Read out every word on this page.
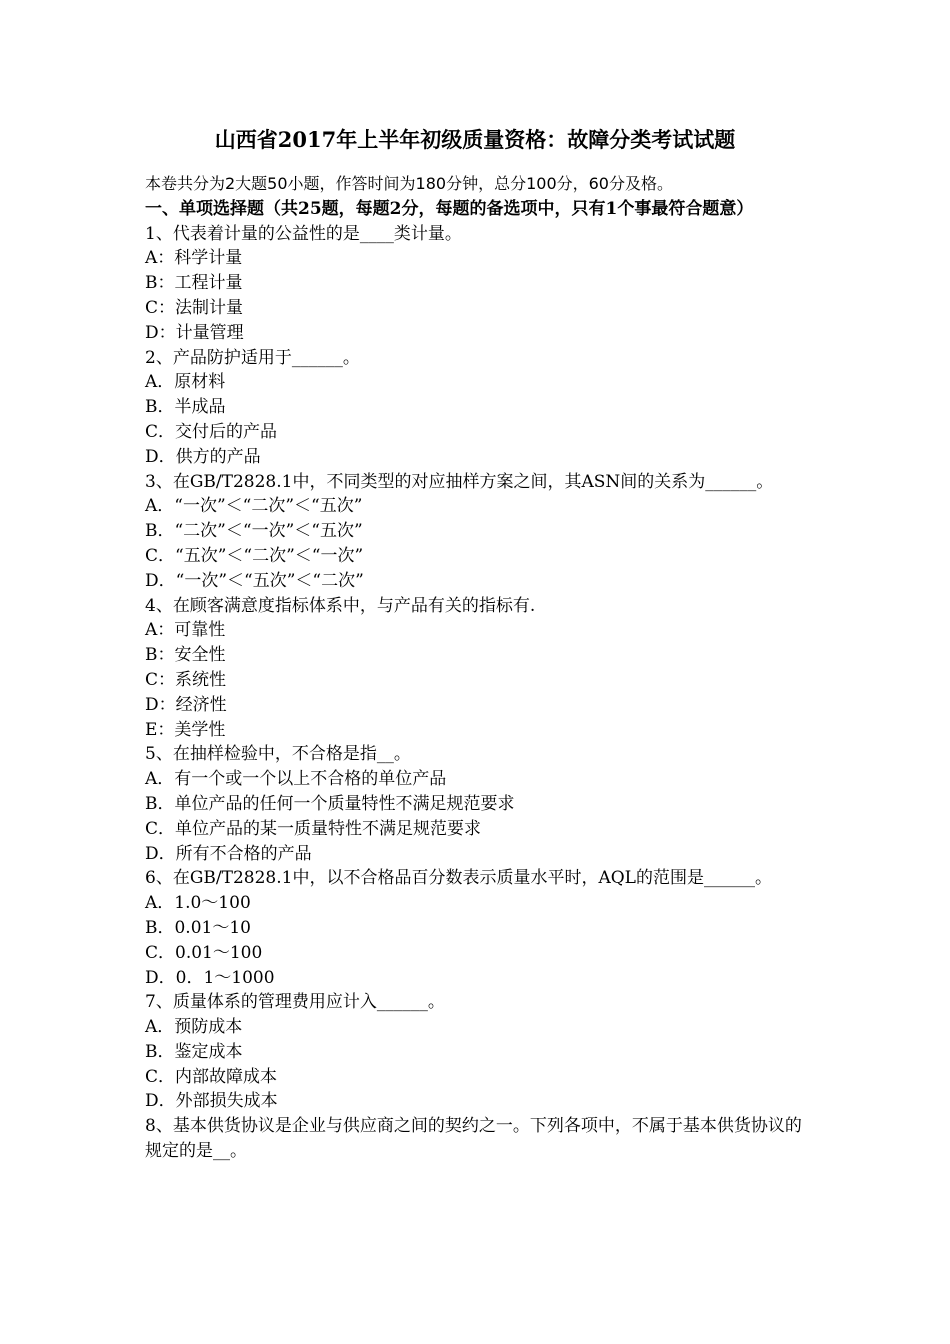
山西省2017年上半年初级质量资格：故障分类考试试题

本卷共分为2大题50小题，作答时间为180分钟，总分100分，60分及格。

一、单项选择题（共25题，每题2分，每题的备选项中，只有1个事最符合题意）

1、代表着计量的公益性的是____类计量。

A：科学计量

B：工程计量

C：法制计量

D：计量管理

2、产品防护适用于______。

A．原材料

B．半成品

C．交付后的产品

D．供方的产品

3、在GB/T2828.1中，不同类型的对应抽样方案之间，其ASN间的关系为______。

A．“一次”＜“二次”＜“五次”

B．“二次”＜“一次”＜“五次”

C．“五次”＜“二次”＜“一次”

D．“一次”＜“五次”＜“二次”

4、在顾客满意度指标体系中，与产品有关的指标有.

A：可靠性

B：安全性

C：系统性

D：经济性

E：美学性

5、在抽样检验中，不合格是指__。

A．有一个或一个以上不合格的单位产品

B．单位产品的任何一个质量特性不满足规范要求

C．单位产品的某一质量特性不满足规范要求

D．所有不合格的产品

6、在GB/T2828.1中，以不合格品百分数表示质量水平时，AQL的范围是______。

A．1.0～100

B．0.01～10

C．0.01～100

D．0．1～1000

7、质量体系的管理费用应计入______。

A．预防成本

B．鉴定成本

C．内部故障成本

D．外部损失成本

8、基本供货协议是企业与供应商之间的契约之一。下列各项中，不属于基本供货协议的规定的是__。
